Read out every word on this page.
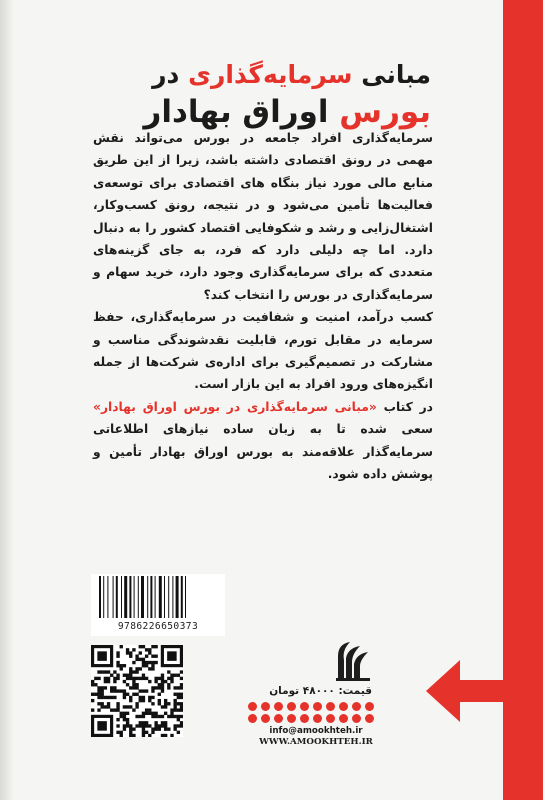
مبانی سرمایه‌گذاری در
بورس اوراق بهادار

سرمایه‌گذاری افراد جامعه در بورس می‌تواند نقش مهمی در رونق اقتصادی داشته باشد، زیرا از این طریق منابع مالی مورد نیاز بنگاه های اقتصادی برای توسعه‌ی فعالیت‌ها تأمین می‌شود و در نتیجه، رونق کسب‌وکار، اشتغال‌زایی و رشد و شکوفایی اقتصاد کشور را به دنبال دارد. اما چه دلیلی دارد که فرد، به جای گزینه‌های متعددی که برای سرمایه‌گذاری وجود دارد، خرید سهام و سرمایه‌گذاری در بورس را انتخاب کند؟

کسب درآمد، امنیت و شفافیت در سرمایه‌گذاری، حفظ سرمایه در مقابل تورم، قابلیت نقدشوندگی مناسب و مشارکت در تصمیم‌گیری برای اداره‌ی شرکت‌ها از جمله انگیزه‌های ورود افراد به این بازار است.

در کتاب «مبانی سرمایه‌گذاری در بورس اوراق بهادار» سعی شده تا به زبان ساده نیازهای اطلاعاتی سرمایه‌گذار علاقه‌مند به بورس اوراق بهادار تأمین و پوشش داده شود.

9786226650373
قیمت: ۴۸۰۰۰ تومان
info@amookhteh.ir
WWW.AMOOKHTEH.IR
